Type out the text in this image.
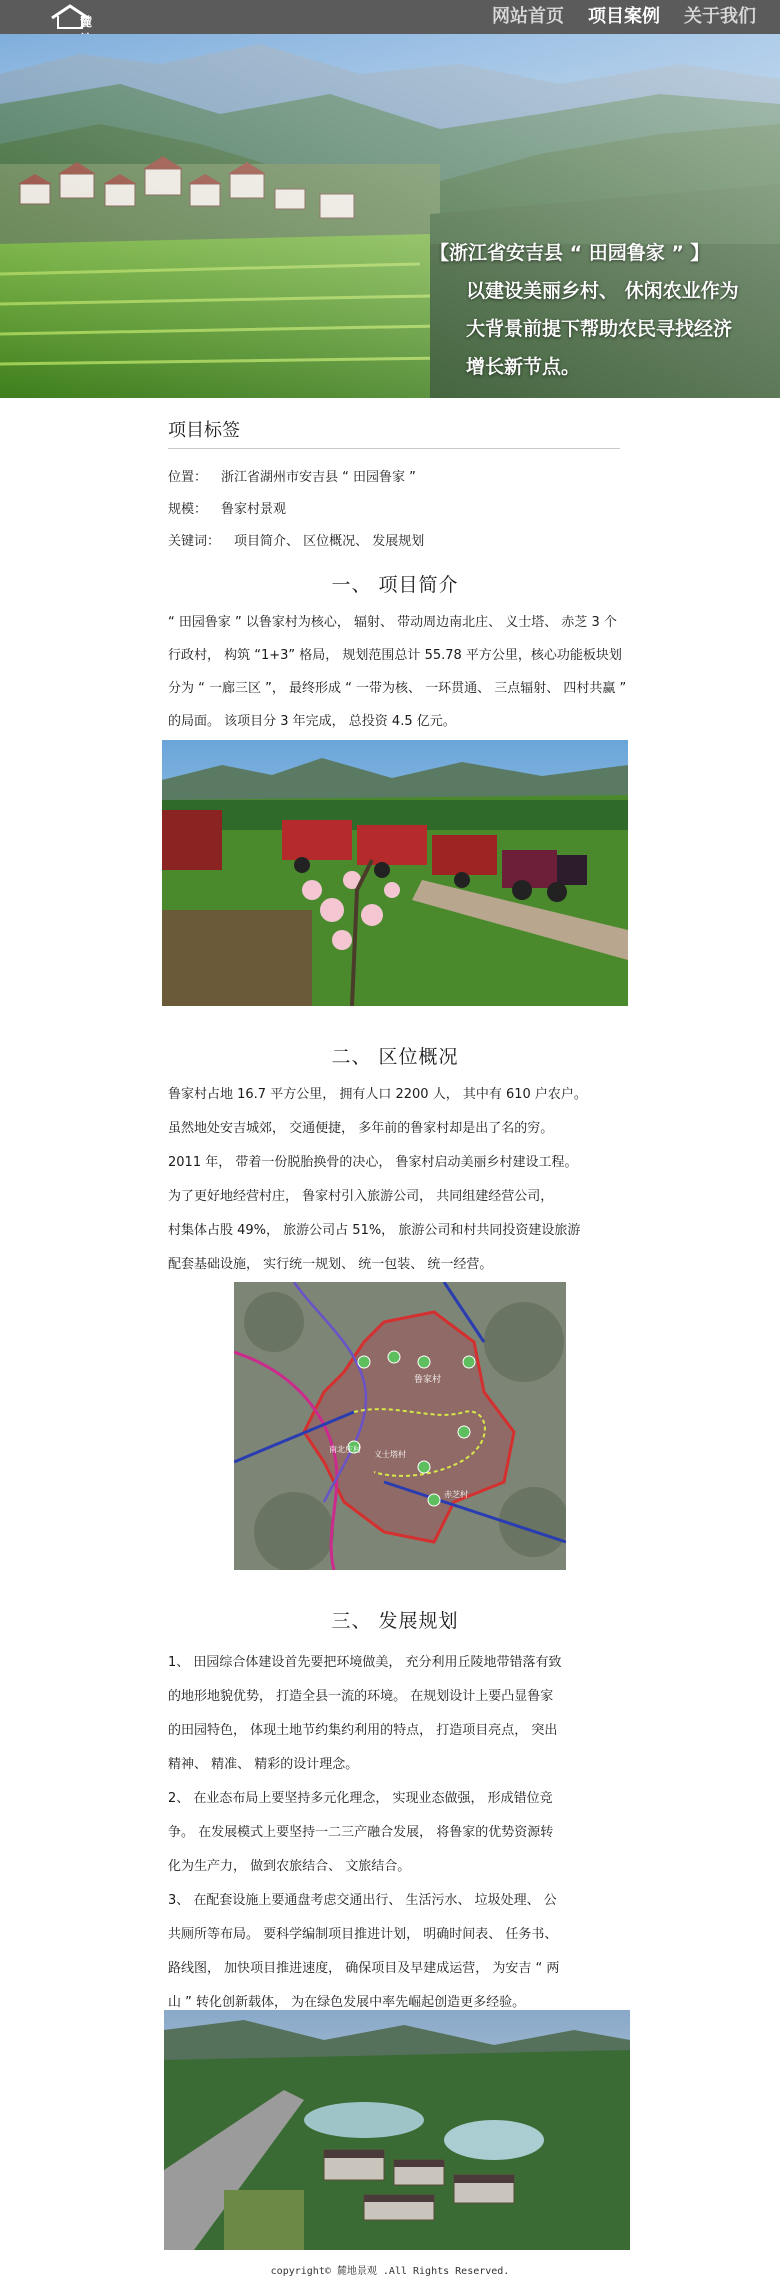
麓	网站首页	项目案例	关于我们
【浙江省安吉县 “ 田园鲁家 ” 】
以建设美丽乡村、 休闲农业作为
大背景前提下帮助农民寻找经济
增长新节点。
项目标签
位置： 浙江省湖州市安吉县 “ 田园鲁家 ”
规模： 鲁家村景观
关键词： 项目简介、 区位概况、 发展规划
一、 项目简介
“ 田园鲁家 ” 以鲁家村为核心， 辐射、 带动周边南北庄、 义士塔、 赤芝 3 个行政村， 构筑 “1+3” 格局， 规划范围总计 55.78 平方公里，核心功能板块划分为 “ 一廊三区 ”， 最终形成 “ 一带为核、 一环贯通、 三点辐射、 四村共赢 ” 的局面。 该项目分 3 年完成， 总投资 4.5 亿元。
二、 区位概况

鲁家村占地 16.7 平方公里， 拥有人口 2200 人， 其中有 610 户农户。

虽然地处安吉城郊， 交通便捷， 多年前的鲁家村却是出了名的穷。

2011 年， 带着一份脱胎换骨的决心， 鲁家村启动美丽乡村建设工程。

为了更好地经营村庄， 鲁家村引入旅游公司， 共同组建经营公司，

村集体占股 49%， 旅游公司占 51%， 旅游公司和村共同投资建设旅游

配套基础设施， 实行统一规划、 统一包装、 统一经营。

鲁家村
南北庄村
义士塔村
赤芝村
三、 发展规划

1、 田园综合体建设首先要把环境做美， 充分利用丘陵地带错落有致

的地形地貌优势， 打造全县一流的环境。 在规划设计上要凸显鲁家

的田园特色， 体现土地节约集约利用的特点， 打造项目亮点， 突出

精神、 精准、 精彩的设计理念。

2、 在业态布局上要坚持多元化理念， 实现业态做强， 形成错位竞

争。 在发展模式上要坚持一二三产融合发展， 将鲁家的优势资源转

化为生产力， 做到农旅结合、 文旅结合。

3、 在配套设施上要通盘考虑交通出行、 生活污水、 垃圾处理、 公

共厕所等布局。 要科学编制项目推进计划， 明确时间表、 任务书、

路线图， 加快项目推进速度， 确保项目及早建成运营， 为安吉 “ 两

山 ” 转化创新载体， 为在绿色发展中率先崛起创造更多经验。

copyright© 麓地景观 .All Rights Reserved.
